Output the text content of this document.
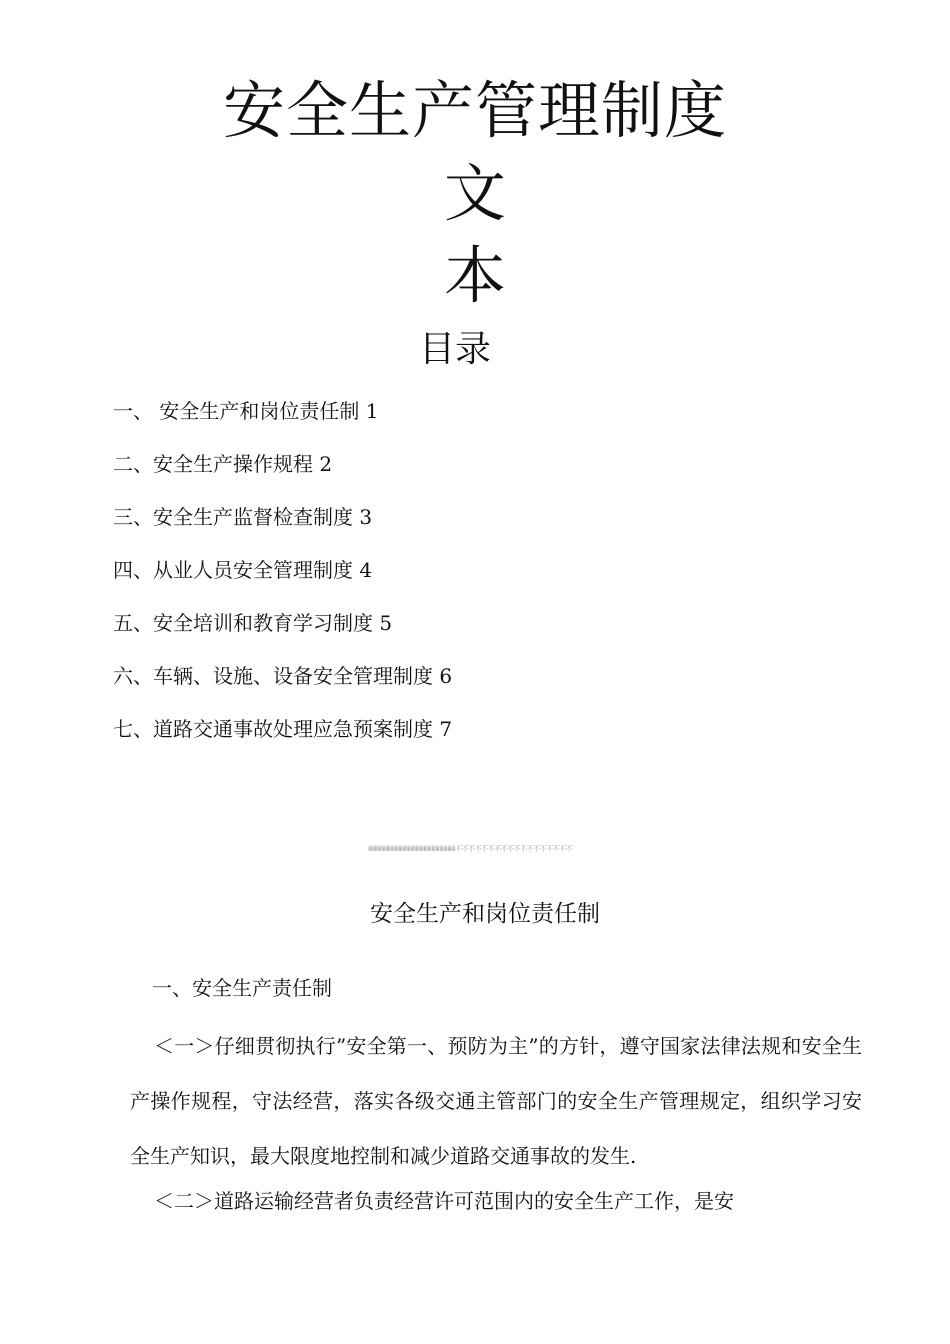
安全生产管理制度
文
本
目录
一、 安全生产和岗位责任制 1
二、安全生产操作规程 2
三、安全生产监督检查制度 3
四、从业人员安全管理制度 4
五、安全培训和教育学习制度 5
六、车辆、设施、设备安全管理制度 6
七、道路交通事故处理应急预案制度 7
ⅲⅲⅲⅲⅲⅲⅲⅲⅲⅲⅲⅲⅲⅲⅲⅲⅲⅲⅲⅲⅲⅲ不不不不不不不不不不不不不不不不不不
安全生产和岗位责任制
一、安全生产责任制

＜一＞仔细贯彻执行”安全第一、预防为主”的方针，遵守国家法律法规和安全生产操作规程，守法经营，落实各级交通主管部门的安全生产管理规定，组织学习安全生产知识，最大限度地控制和减少道路交通事故的发生.

＜二＞道路运输经营者负责经营许可范围内的安全生产工作，是安
